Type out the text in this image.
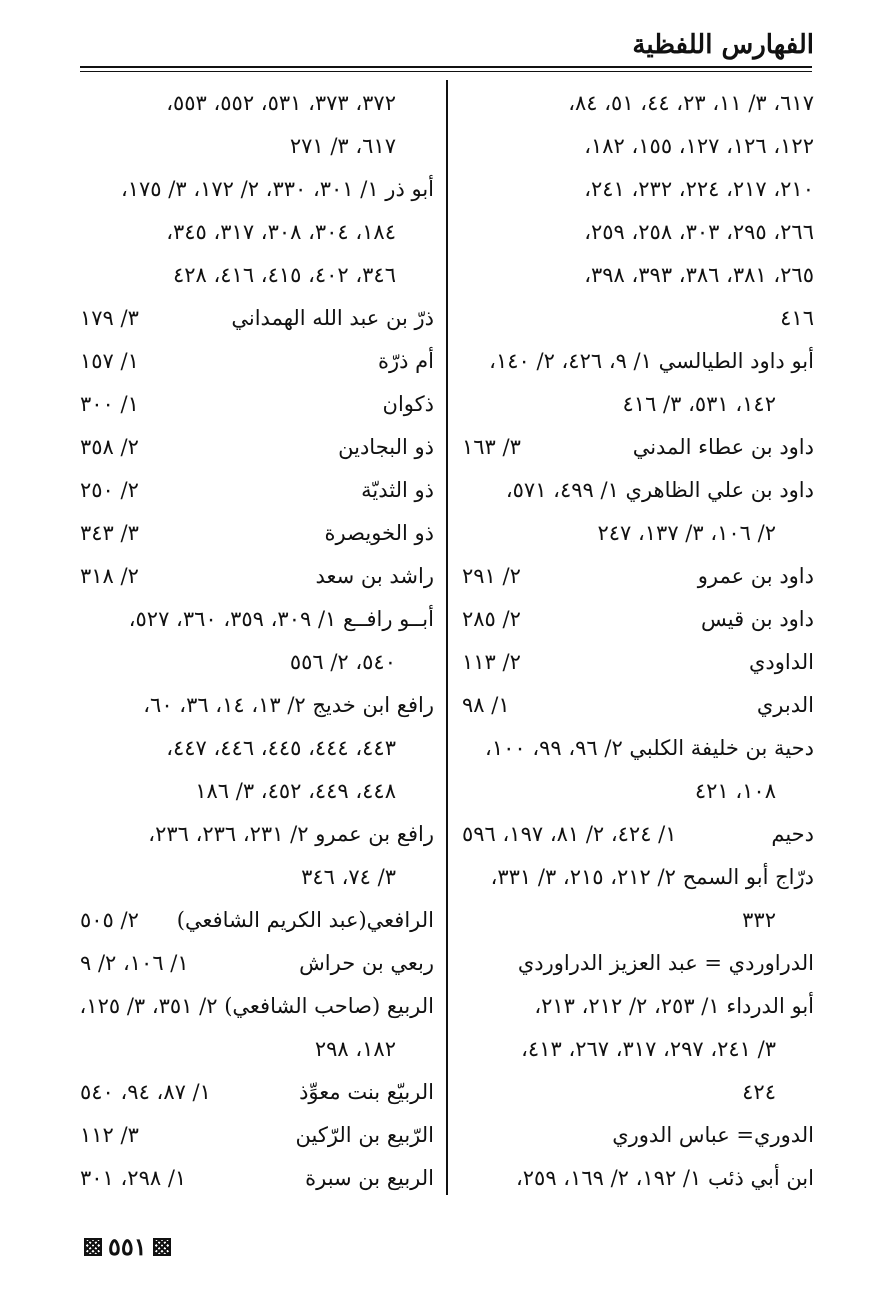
الفهارس اللفظية
٦١٧، ٣/ ١١، ٢٣، ٤٤، ٥١، ٨٤،
١٢٢، ١٢٦، ١٢٧، ١٥٥، ١٨٢،
٢١٠، ٢١٧، ٢٢٤، ٢٣٢، ٢٤١،
٢٦٦، ٢٩٥، ٣٠٣، ٢٥٨، ٢٥٩،
٢٦٥، ٣٨١، ٣٨٦، ٣٩٣، ٣٩٨،
٤١٦
أبو داود الطيالسي ١/ ٩، ٤٢٦، ٢/ ١٤٠،
١٤٢، ٥٣١، ٣/ ٤١٦
داود بن عطاء المدني
٣/ ١٦٣
داود بن علي الظاهري ١/ ٤٩٩، ٥٧١،
٢/ ١٠٦، ٣/ ١٣٧، ٢٤٧
داود بن عمرو
٢/ ٢٩١
داود بن قيس
٢/ ٢٨٥
الداودي
٢/ ١١٣
الدبري
١/ ٩٨
دحية بن خليفة الكلبي ٢/ ٩٦، ٩٩، ١٠٠،
١٠٨، ٤٢١
دحيم
١/ ٤٢٤، ٢/ ٨١، ١٩٧، ٥٩٦
درّاج أبو السمح ٢/ ٢١٢، ٢١٥، ٣/ ٣٣١،
٣٣٢
الدراوردي = عبد العزيز الدراوردي
أبو الدرداء ١/ ٢٥٣، ٢/ ٢١٢، ٢١٣،
٣/ ٢٤١، ٢٩٧، ٣١٧، ٢٦٧، ٤١٣،
٤٢٤
الدوري= عباس الدوري
ابن أبي ذئب ١/ ١٩٢، ٢/ ١٦٩، ٢٥٩،
٣٧٢، ٣٧٣، ٥٣١، ٥٥٢، ٥٥٣،
٦١٧، ٣/ ٢٧١
أبو ذر ١/ ٣٠١، ٣٣٠، ٢/ ١٧٢، ٣/ ١٧٥،
١٨٤، ٣٠٤، ٣٠٨، ٣١٧، ٣٤٥،
٣٤٦، ٤٠٢، ٤١٥، ٤١٦، ٤٢٨
ذرّ بن عبد الله الهمداني
٣/ ١٧٩
أم ذرّة
١/ ١٥٧
ذكوان
١/ ٣٠٠
ذو البجادين
٢/ ٣٥٨
ذو الثديّة
٢/ ٢٥٠
ذو الخويصرة
٣/ ٣٤٣
راشد بن سعد
٢/ ٣١٨
أبــو رافــع ١/ ٣٠٩، ٣٥٩، ٣٦٠، ٥٢٧،
٥٤٠، ٢/ ٥٥٦
رافع ابن خديج ٢/ ١٣، ١٤، ٣٦، ٦٠،
٤٤٣، ٤٤٤، ٤٤٥، ٤٤٦، ٤٤٧،
٤٤٨، ٤٤٩، ٤٥٢، ٣/ ١٨٦
رافع بن عمرو ٢/ ٢٣١، ٢٣٦، ٢٣٦،
٣/ ٧٤، ٣٤٦
الرافعي(عبد الكريم الشافعي)
٢/ ٥٠٥
ربعي بن حراش
١/ ١٠٦، ٢/ ٩
الربيع (صاحب الشافعي) ٢/ ٣٥١، ٣/ ١٢٥،
١٨٢، ٢٩٨
الربيّع بنت معوِّذ
١/ ٨٧، ٩٤، ٥٤٠
الرّبيع بن الرّكين
٣/ ١١٢
الربيع بن سبرة
١/ ٢٩٨، ٣٠١
٥٥١
